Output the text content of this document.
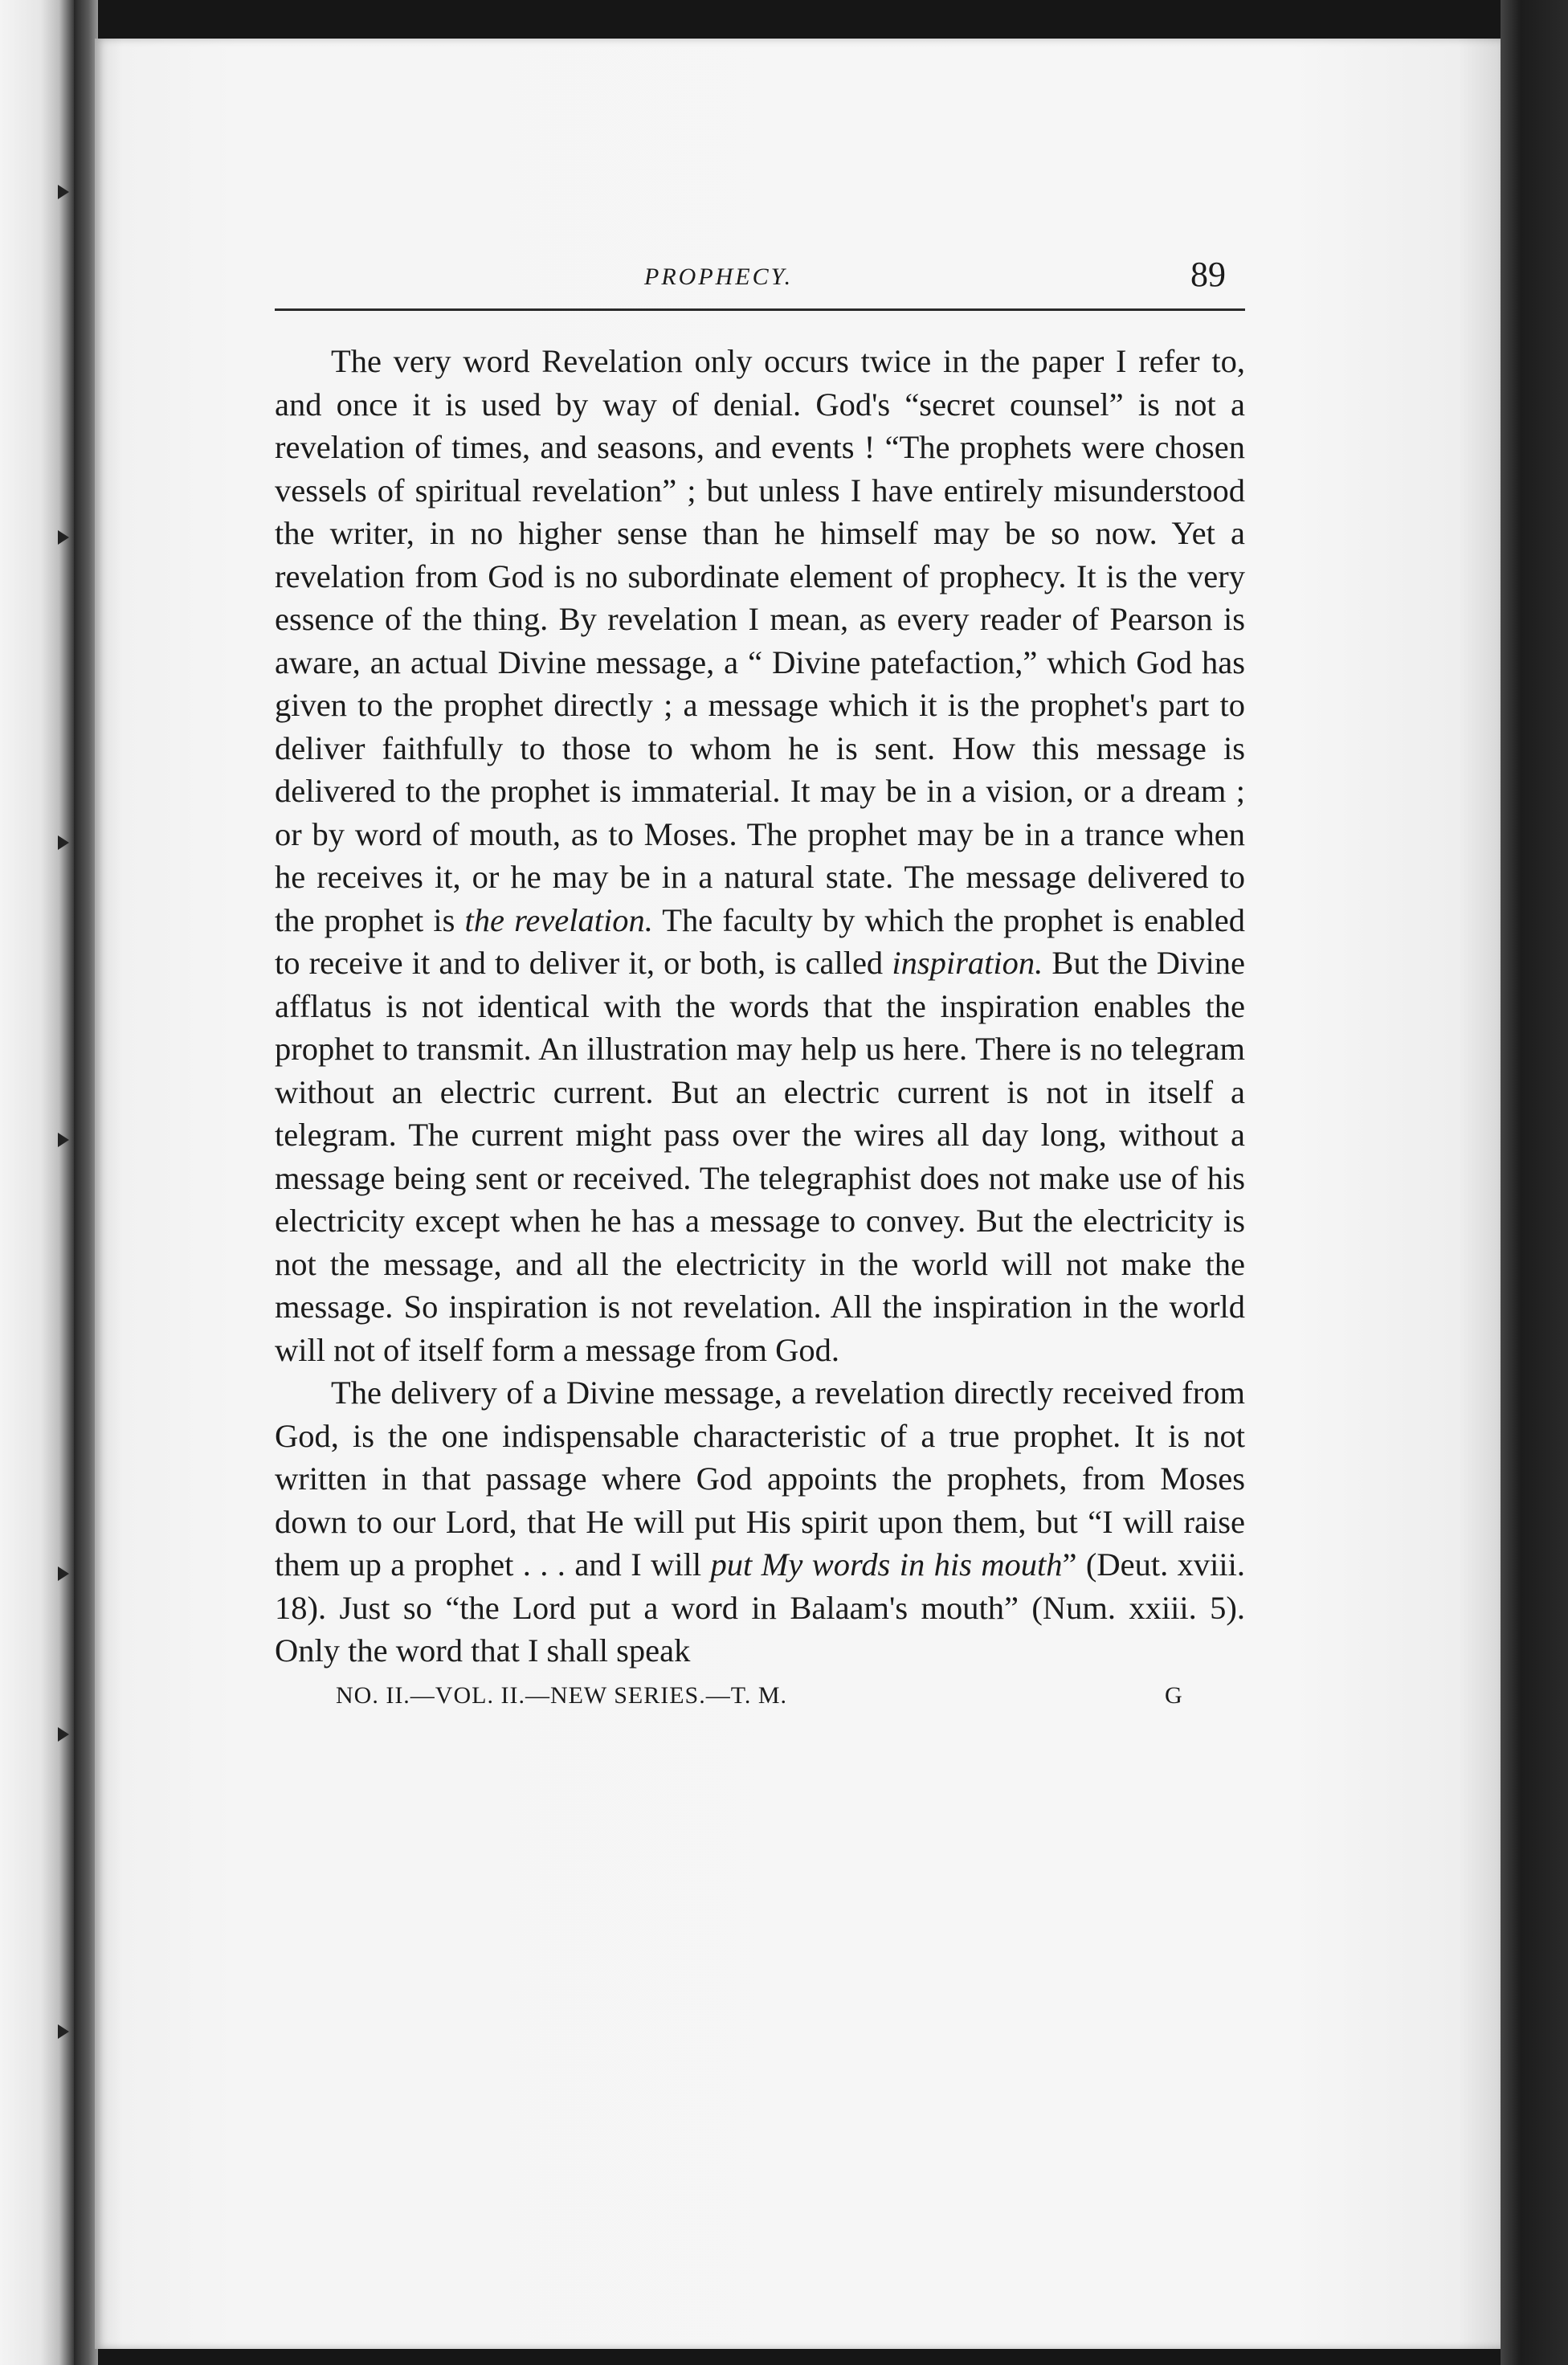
PROPHECY.	89

The very word Revelation only occurs twice in the paper I refer to, and once it is used by way of denial. God's “secret counsel” is not a revelation of times, and seasons, and events ! “The prophets were chosen vessels of spiritual revelation” ; but unless I have entirely misunderstood the writer, in no higher sense than he himself may be so now. Yet a revelation from God is no subordinate element of prophecy. It is the very essence of the thing. By revelation I mean, as every reader of Pearson is aware, an actual Divine message, a “ Divine patefaction,” which God has given to the prophet directly ; a message which it is the prophet's part to deliver faithfully to those to whom he is sent. How this message is delivered to the prophet is immaterial. It may be in a vision, or a dream ; or by word of mouth, as to Moses. The prophet may be in a trance when he receives it, or he may be in a natural state. The message delivered to the prophet is the revelation. The faculty by which the prophet is enabled to receive it and to deliver it, or both, is called inspiration. But the Divine afflatus is not identical with the words that the inspiration enables the prophet to transmit. An illustration may help us here. There is no telegram without an electric current. But an electric current is not in itself a telegram. The current might pass over the wires all day long, without a message being sent or received. The telegraphist does not make use of his electricity except when he has a message to convey. But the electricity is not the message, and all the electricity in the world will not make the message. So inspiration is not revelation. All the inspiration in the world will not of itself form a message from God.

The delivery of a Divine message, a revelation directly received from God, is the one indispensable characteristic of a true prophet. It is not written in that passage where God appoints the prophets, from Moses down to our Lord, that He will put His spirit upon them, but “I will raise them up a prophet . . . and I will put My words in his mouth” (Deut. xviii. 18). Just so “the Lord put a word in Balaam's mouth” (Num. xxiii. 5). Only the word that I shall speak

NO. II.—VOL. II.—NEW SERIES.—T. M.	G
